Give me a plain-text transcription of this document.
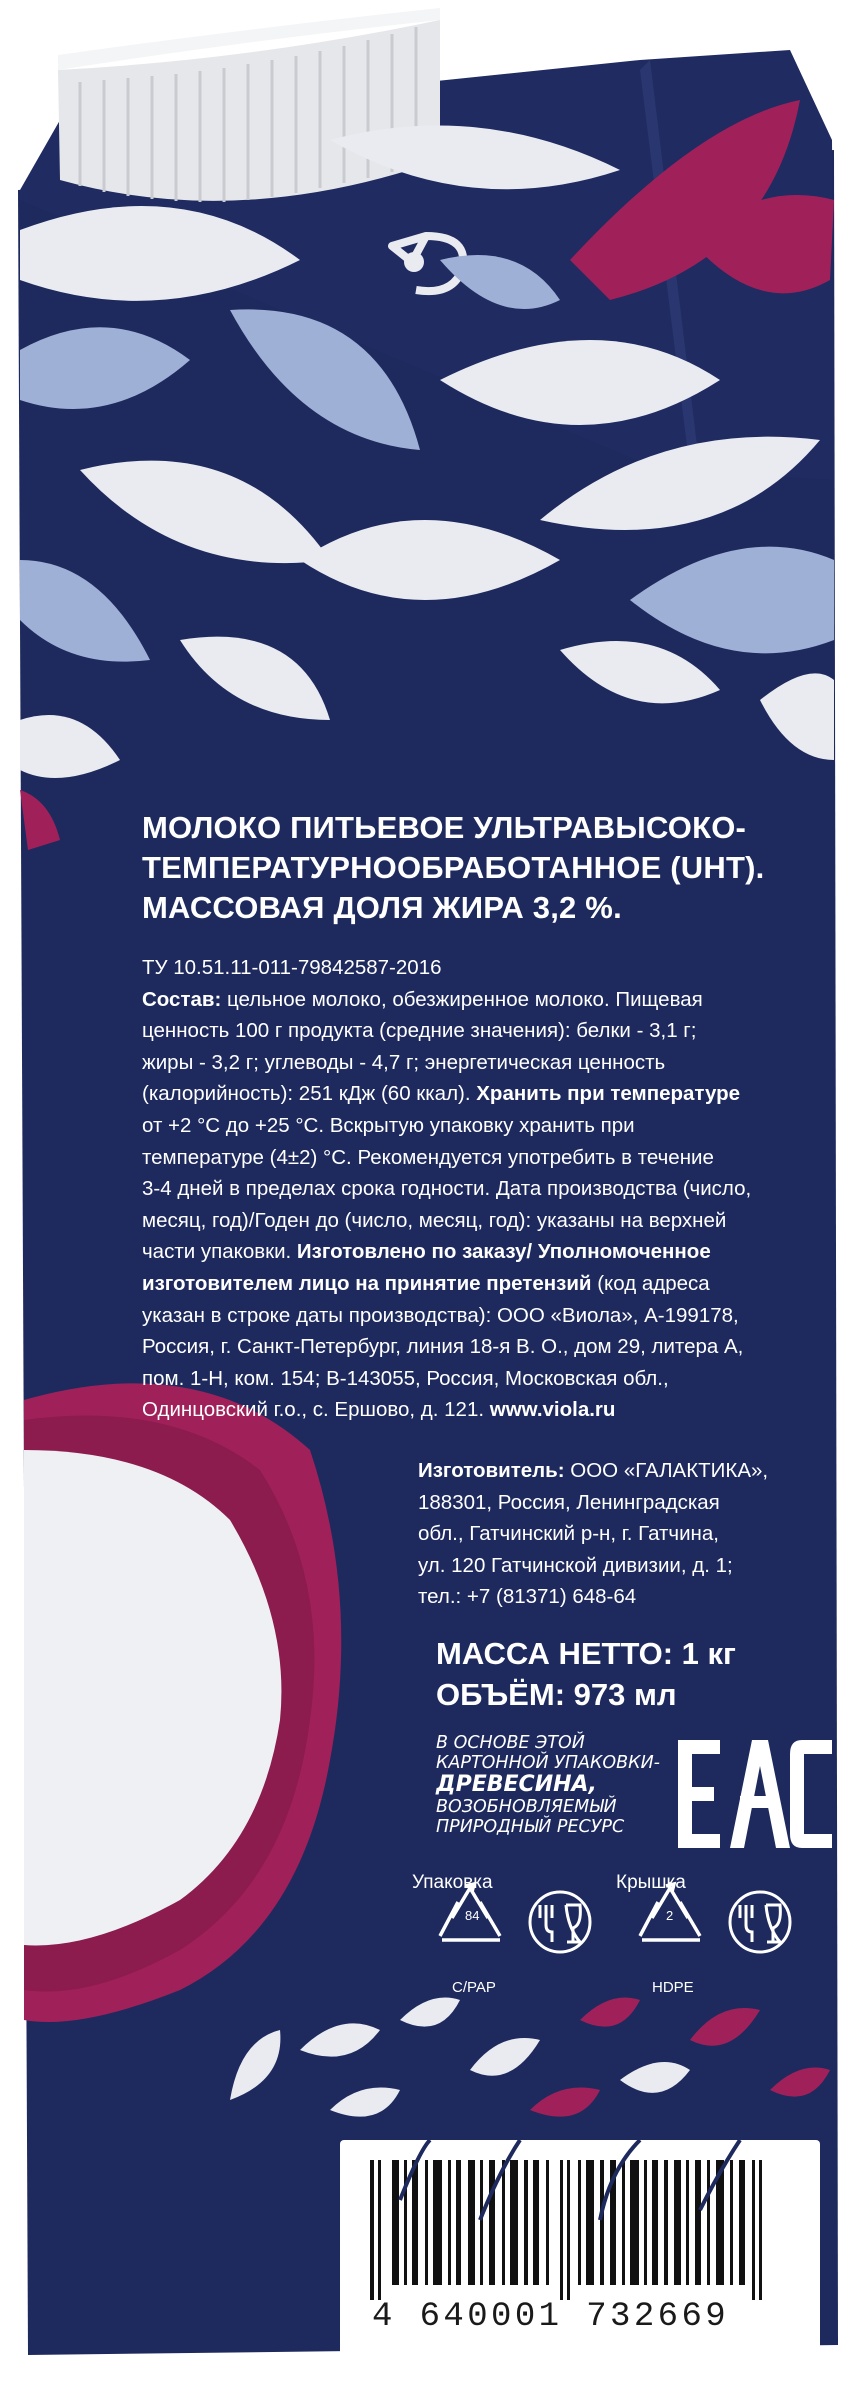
МОЛОКО ПИТЬЕВОЕ УЛЬТРАВЫСОКО-
ТЕМПЕРАТУРНООБРАБОТАННОЕ (UHT).
МАССОВАЯ ДОЛЯ ЖИРА 3,2 %.
ТУ 10.51.11-011-79842587-2016
Состав: цельное молоко, обезжиренное молоко. Пищевая
ценность 100 г продукта (средние значения): белки - 3,1 г;
жиры - 3,2 г; углеводы - 4,7 г; энергетическая ценность
(калорийность): 251 кДж (60 ккал). Хранить при температуре
от +2 °С до +25 °С. Вскрытую упаковку хранить при
температуре (4±2) °С. Рекомендуется употребить в течение
3-4 дней в пределах срока годности. Дата производства (число,
месяц, год)/Годен до (число, месяц, год): указаны на верхней
части упаковки. Изготовлено по заказу/ Уполномоченное
изготовителем лицо на принятие претензий (код адреса
указан в строке даты производства): ООО «Виола», А-199178,
Россия, г. Санкт-Петербург, линия 18-я В. О., дом 29, литера А,
пом. 1-Н, ком. 154; В-143055, Россия, Московская обл.,
Одинцовский г.о., с. Ершово, д. 121. www.viola.ru
Изготовитель: ООО «ГАЛАКТИКА»,
188301, Россия, Ленинградская
обл., Гатчинский р-н, г. Гатчина,
ул. 120 Гатчинской дивизии, д. 1;
тел.: +7 (81371) 648-64
МАССА НЕТТО: 1 кг
ОБЪЁМ: 973 мл
В ОСНОВЕ ЭТОЙ
КАРТОННОЙ УПАКОВКИ-
ДРЕВЕСИНА,
ВОЗОБНОВЛЯЕМЫЙ
ПРИРОДНЫЙ РЕСУРС
Упаковка	Крышка
84	2
C/PAP	HDPE
4 640001 732669
